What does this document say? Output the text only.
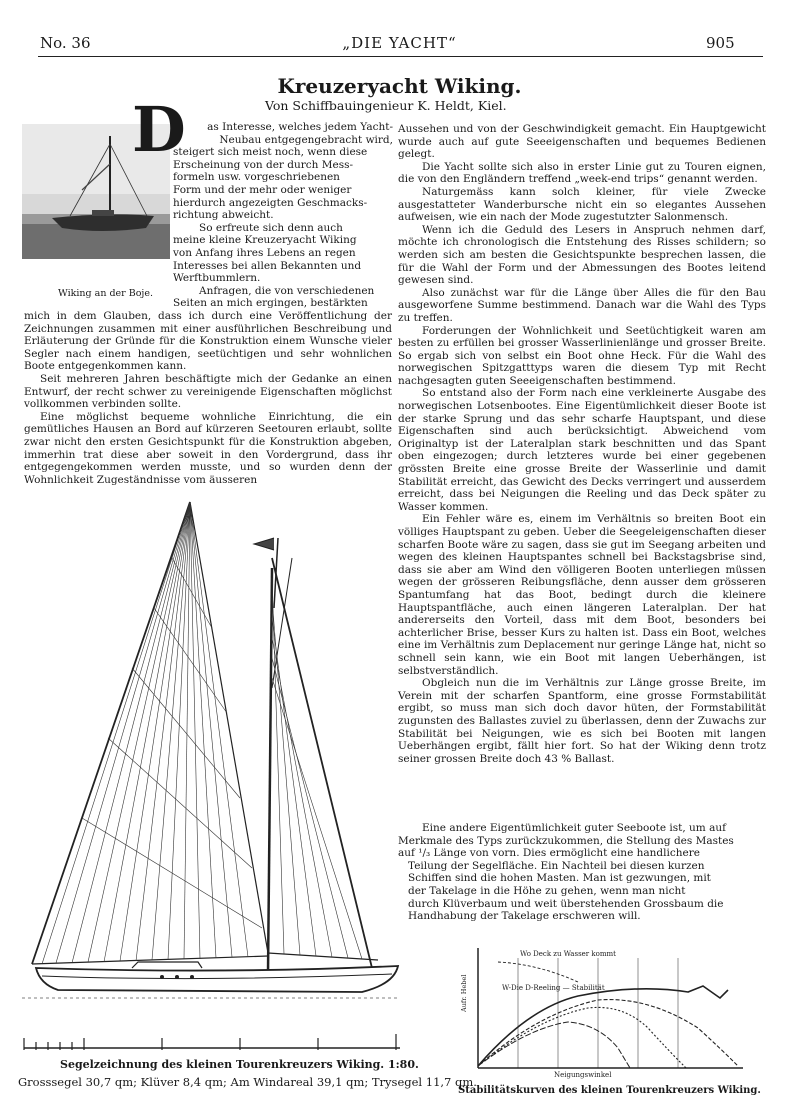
No. 36	„DIE YACHT“	905
Kreuzeryacht Wiking.
Von Schiffbauingenieur K. Heldt, Kiel.
D
Wiking an der Boje.
as Interesse, welches jedem Yacht-
Neubau entgegengebracht wird,
steigert sich meist noch, wenn diese
Erscheinung von der durch Mess-
formeln usw. vorgeschriebenen
Form und der mehr oder weniger
hierdurch angezeigten Geschmacks-
richtung abweicht.
So erfreute sich denn auch
meine kleine Kreuzeryacht Wiking
von Anfang ihres Lebens an regen
Interesses bei allen Bekannten und
Werftbummlern.
Anfragen, die von verschiedenen
Seiten an mich ergingen, bestärkten

mich in dem Glauben, dass ich durch eine Veröffentlichung der Zeichnungen zusammen mit einer ausführlichen Beschreibung und Erläuterung der Gründe für die Konstruktion einem Wunsche vieler Segler nach einem handigen, seetüchtigen und sehr wohnlichen Boote entgegenkommen kann.

Seit mehreren Jahren beschäftigte mich der Gedanke an einen Entwurf, der recht schwer zu vereinigende Eigenschaften möglichst vollkommen verbinden sollte.

Eine möglichst bequeme wohnliche Einrichtung, die ein gemütliches Hausen an Bord auf kürzeren Seetouren erlaubt, sollte zwar nicht den ersten Gesichtspunkt für die Konstruktion abgeben, immerhin trat diese aber soweit in den Vordergrund, dass ihr entgegengekommen werden musste, und so wurden denn der Wohnlichkeit Zugeständnisse vom äusseren

Aussehen und von der Geschwindigkeit gemacht. Ein Hauptgewicht wurde auch auf gute Seeeigenschaften und bequemes Bedienen gelegt.

Die Yacht sollte sich also in erster Linie gut zu Touren eignen, die von den Engländern treffend „week-end trips“ genannt werden.

Naturgemäss kann solch kleiner, für viele Zwecke ausgestatteter Wanderbursche nicht ein so elegantes Aussehen aufweisen, wie ein nach der Mode zugestutzter Salonmensch.

Wenn ich die Geduld des Lesers in Anspruch nehmen darf, möchte ich chronologisch die Entstehung des Risses schildern; so werden sich am besten die Gesichtspunkte besprechen lassen, die für die Wahl der Form und der Abmessungen des Bootes leitend gewesen sind.

Also zunächst war für die Länge über Alles die für den Bau ausgeworfene Summe bestimmend. Danach war die Wahl des Typs zu treffen.

Forderungen der Wohnlichkeit und Seetüchtigkeit waren am besten zu erfüllen bei grosser Wasserlinienlänge und grosser Breite. So ergab sich von selbst ein Boot ohne Heck. Für die Wahl des norwegischen Spitzgatttyps waren die diesem Typ mit Recht nachgesagten guten Seeeigenschaften bestimmend.

So entstand also der Form nach eine verkleinerte Ausgabe des norwegischen Lotsenbootes. Eine Eigentümlichkeit dieser Boote ist der starke Sprung und das sehr scharfe Hauptspant, und diese Eigenschaften sind auch berücksichtigt. Abweichend vom Originaltyp ist der Lateralplan stark beschnitten und das Spant oben eingezogen; durch letzteres wurde bei einer gegebenen grössten Breite eine grosse Breite der Wasserlinie und damit Stabilität erreicht, das Gewicht des Decks verringert und ausserdem erreicht, dass bei Neigungen die Reeling und das Deck später zu Wasser kommen.

Ein Fehler wäre es, einem im Verhältnis so breiten Boot ein völliges Hauptspant zu geben. Ueber die Seegeleigenschaften dieser scharfen Boote wäre zu sagen, dass sie gut im Seegang arbeiten und wegen des kleinen Hauptspantes schnell bei Backstagsbrise sind, dass sie aber am Wind den völligeren Booten unterliegen müssen wegen der grösseren Reibungsfläche, denn ausser dem grösseren Spantumfang hat das Boot, bedingt durch die kleinere Hauptspantfläche, auch einen längeren Lateralplan. Der hat andererseits den Vorteil, dass mit dem Boot, besonders bei achterlicher Brise, besser Kurs zu halten ist. Dass ein Boot, welches eine im Verhältnis zum Deplacement nur geringe Länge hat, nicht so schnell sein kann, wie ein Boot mit langen Ueberhängen, ist selbstverständlich.

Obgleich nun die im Verhältnis zur Länge grosse Breite, im Verein mit der scharfen Spantform, eine grosse Formstabilität ergibt, so muss man sich doch davor hüten, der Formstabilität zugunsten des Ballastes zuviel zu überlassen, denn der Zuwachs zur Stabilität bei Neigungen, wie es sich bei Booten mit langen Ueberhängen ergibt, fällt hier fort. So hat der Wiking denn trotz seiner grossen Breite doch 43 % Ballast.

Eine andere Eigentümlichkeit guter Seeboote ist, um auf
Merkmale des Typs zurückzukommen, die Stellung des Mastes
auf ¹/₃ Länge von vorn. Dies ermöglicht eine handlichere
Teilung der Segelfläche. Ein Nachteil bei diesen kurzen
Schiffen sind die hohen Masten. Man ist gezwungen, mit
der Takelage in die Höhe zu gehen, wenn man nicht
durch Klüverbaum und weit überstehenden Grossbaum die
Handhabung der Takelage erschweren will.
Segelzeichnung des kleinen Tourenkreuzers Wiking. 1:80.
Grosssegel 30,7 qm; Klüver 8,4 qm; Am Windareal 39,1 qm; Trysegel 11,7 qm.
Wo Deck zu Wasser kommt
W-Die D-Reeling — Stabilität
Neigungswinkel
Aufr. Hebel
Stabilitätskurven des kleinen Tourenkreuzers Wiking.
